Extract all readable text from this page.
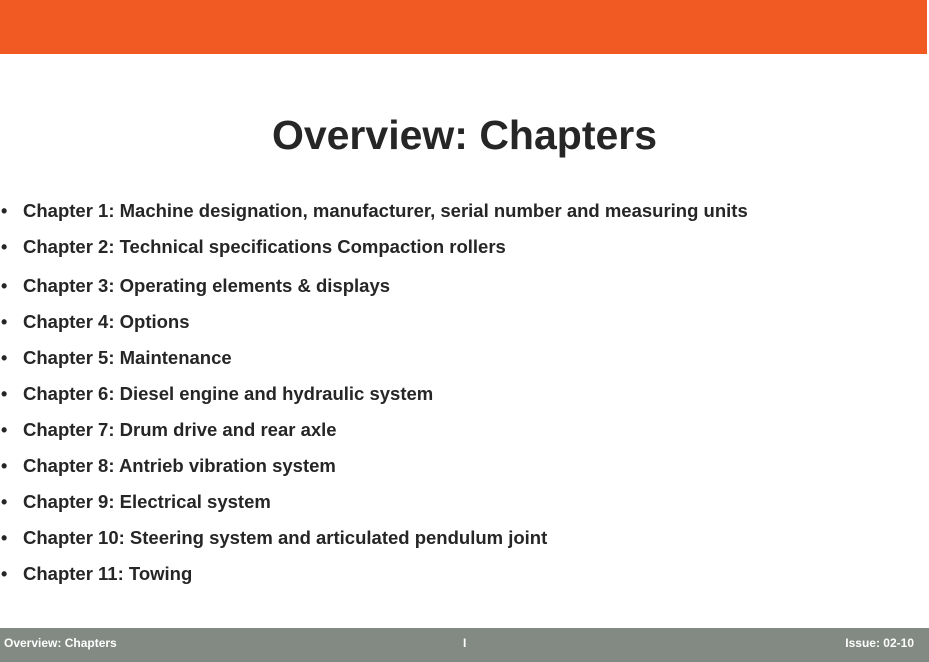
Overview: Chapters
• Chapter 1: Machine designation, manufacturer, serial number and measuring units
• Chapter 2: Technical specifications Compaction rollers
• Chapter 3: Operating elements & displays
• Chapter 4: Options
• Chapter 5: Maintenance
• Chapter 6: Diesel engine and hydraulic system
• Chapter 7: Drum drive and rear axle
• Chapter 8: Antrieb vibration system
• Chapter 9: Electrical system
• Chapter 10: Steering system and articulated pendulum joint
• Chapter 11: Towing
Overview: Chapters	I	Issue: 02-10
